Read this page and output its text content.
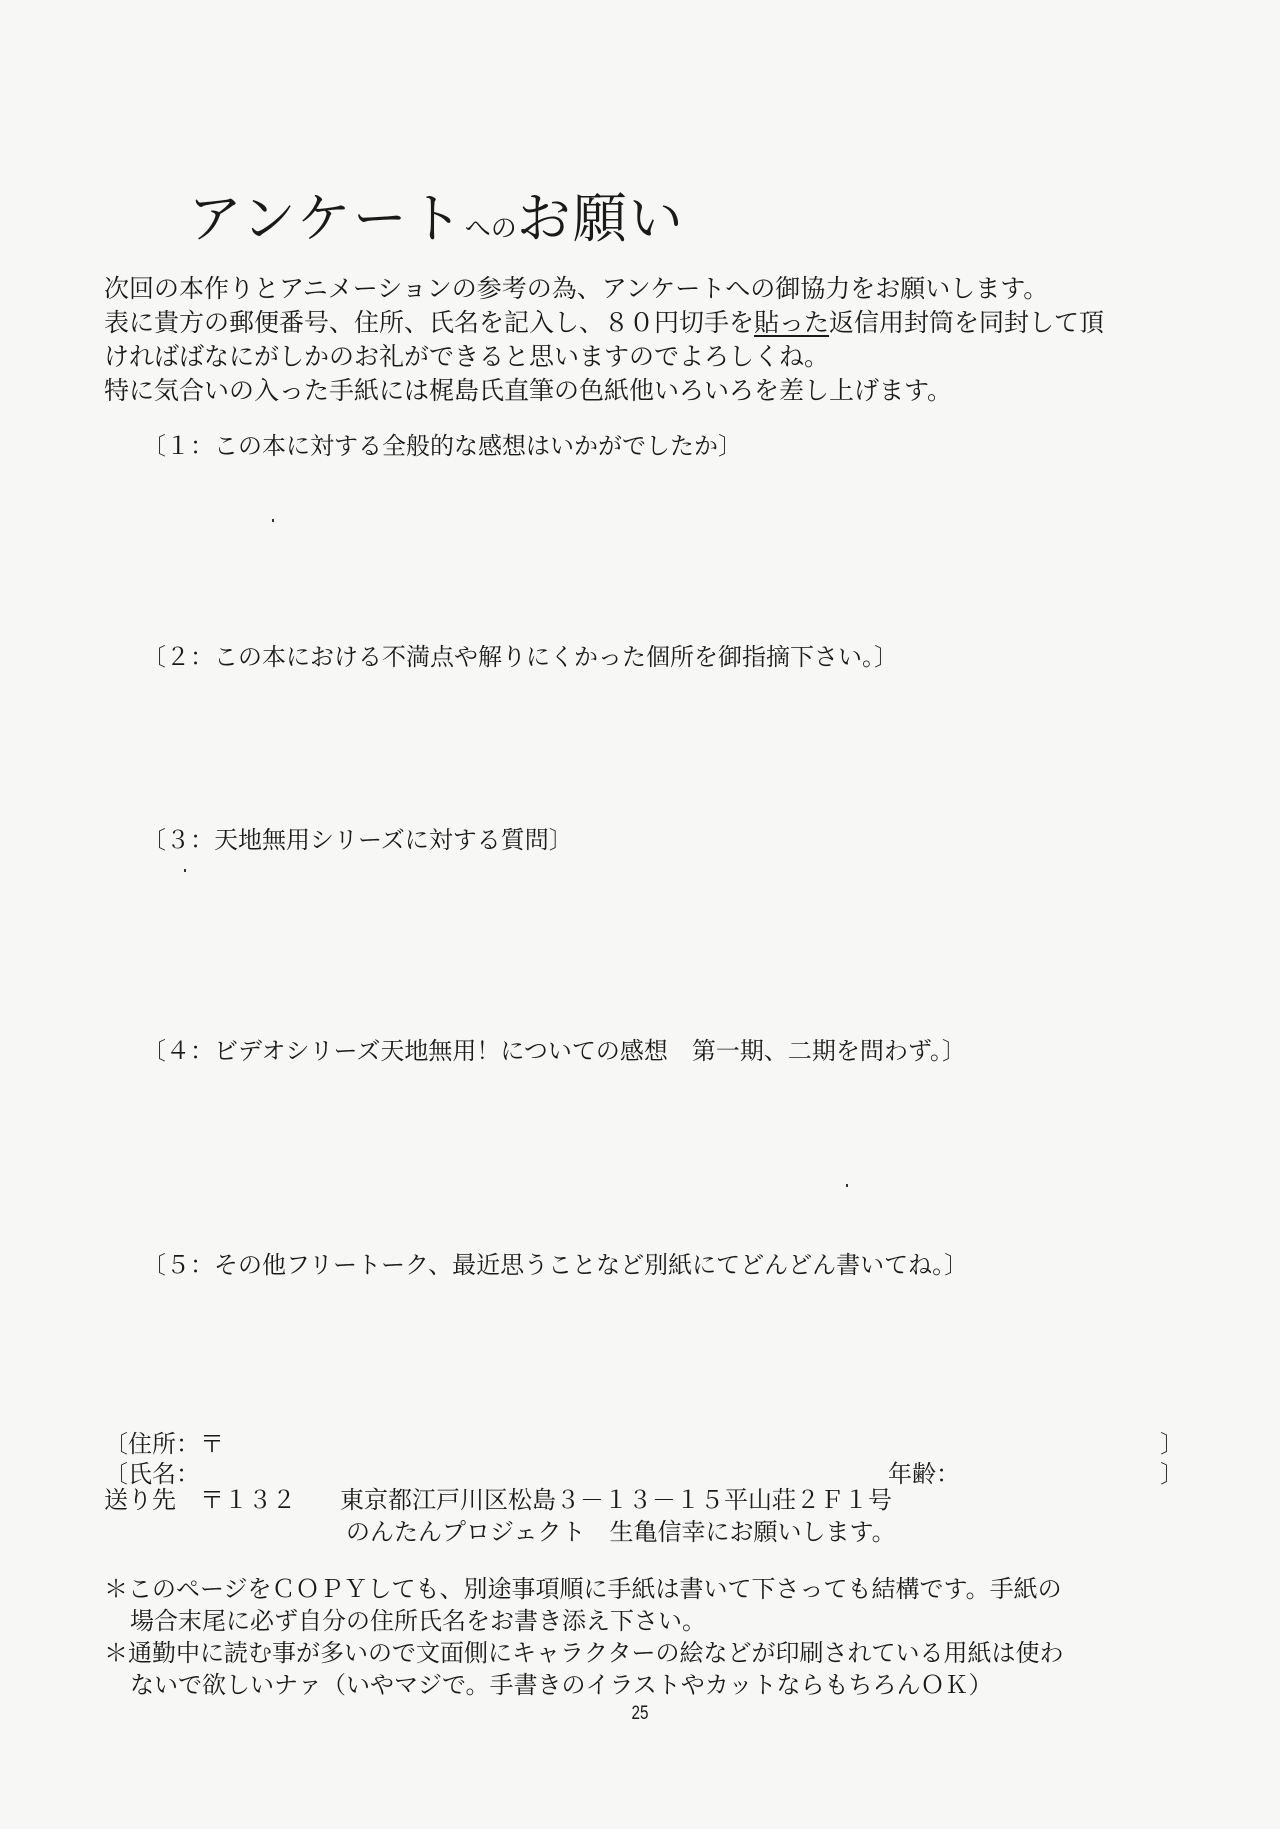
アンケートへのお願い
次回の本作りとアニメーションの参考の為、アンケートへの御協力をお願いします。
表に貴方の郵便番号、住所、氏名を記入し、８０円切手を貼った返信用封筒を同封して頂
ければばなにがしかのお礼ができると思いますのでよろしくね。
特に気合いの入った手紙には梶島氏直筆の色紙他いろいろを差し上げます。
〔１：この本に対する全般的な感想はいかがでしたか〕
〔２：この本における不満点や解りにくかった個所を御指摘下さい。〕
〔３：天地無用シリーズに対する質問〕
〔４：ビデオシリーズ天地無用！についての感想　第一期、二期を問わず。〕
〔５：その他フリートーク、最近思うことなど別紙にてどんどん書いてね。〕
〔住所：〒	〕
〔氏名：	年齢：	〕
送り先 〒１３２ 東京都江戸川区松島３－１３－１５平山荘２Ｆ１号
のんたんプロジェクト　生亀信幸にお願いします。
＊このページをＣＯＰＹしても、別途事項順に手紙は書いて下さっても結構です。手紙の
場合末尾に必ず自分の住所氏名をお書き添え下さい。
＊通勤中に読む事が多いので文面側にキャラクターの絵などが印刷されている用紙は使わ
ないで欲しいナァ（いやマジで。手書きのイラストやカットならもちろんＯＫ）
25
